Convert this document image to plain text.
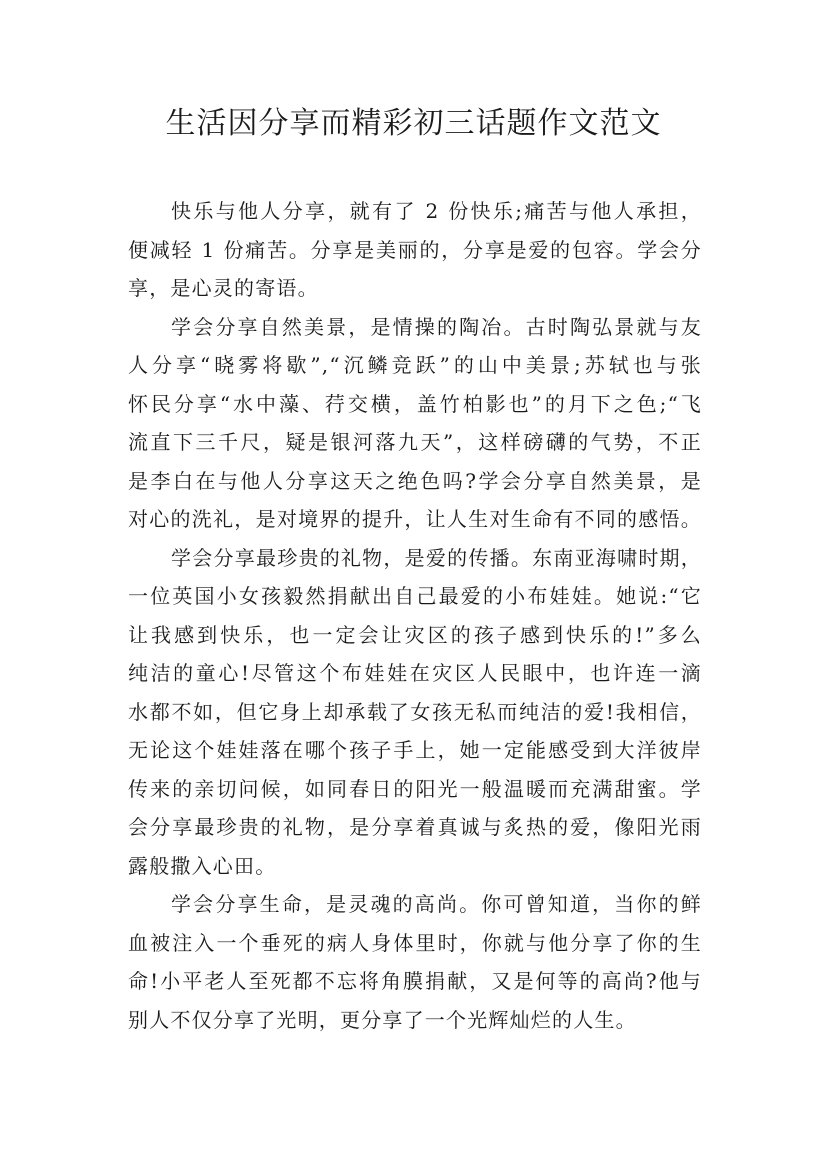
生活因分享而精彩初三话题作文范文
快乐与他人分享，就有了 2 份快乐;痛苦与他人承担，
便减轻 1 份痛苦。分享是美丽的，分享是爱的包容。学会分
享，是心灵的寄语。
学会分享自然美景，是情操的陶冶。古时陶弘景就与友
人分享“晓雾将歇”,“沉鳞竞跃”的山中美景;苏轼也与张
怀民分享“水中藻、荇交横，盖竹柏影也”的月下之色;“飞
流直下三千尺，疑是银河落九天”，这样磅礴的气势，不正
是李白在与他人分享这天之绝色吗?学会分享自然美景，是
对心的洗礼，是对境界的提升，让人生对生命有不同的感悟。
学会分享最珍贵的礼物，是爱的传播。东南亚海啸时期，
一位英国小女孩毅然捐献出自己最爱的小布娃娃。她说:“它
让我感到快乐，也一定会让灾区的孩子感到快乐的!”多么
纯洁的童心!尽管这个布娃娃在灾区人民眼中，也许连一滴
水都不如，但它身上却承载了女孩无私而纯洁的爱!我相信，
无论这个娃娃落在哪个孩子手上，她一定能感受到大洋彼岸
传来的亲切问候，如同春日的阳光一般温暖而充满甜蜜。学
会分享最珍贵的礼物，是分享着真诚与炙热的爱，像阳光雨
露般撒入心田。
学会分享生命，是灵魂的高尚。你可曾知道，当你的鲜
血被注入一个垂死的病人身体里时，你就与他分享了你的生
命!小平老人至死都不忘将角膜捐献，又是何等的高尚?他与
别人不仅分享了光明，更分享了一个光辉灿烂的人生。
